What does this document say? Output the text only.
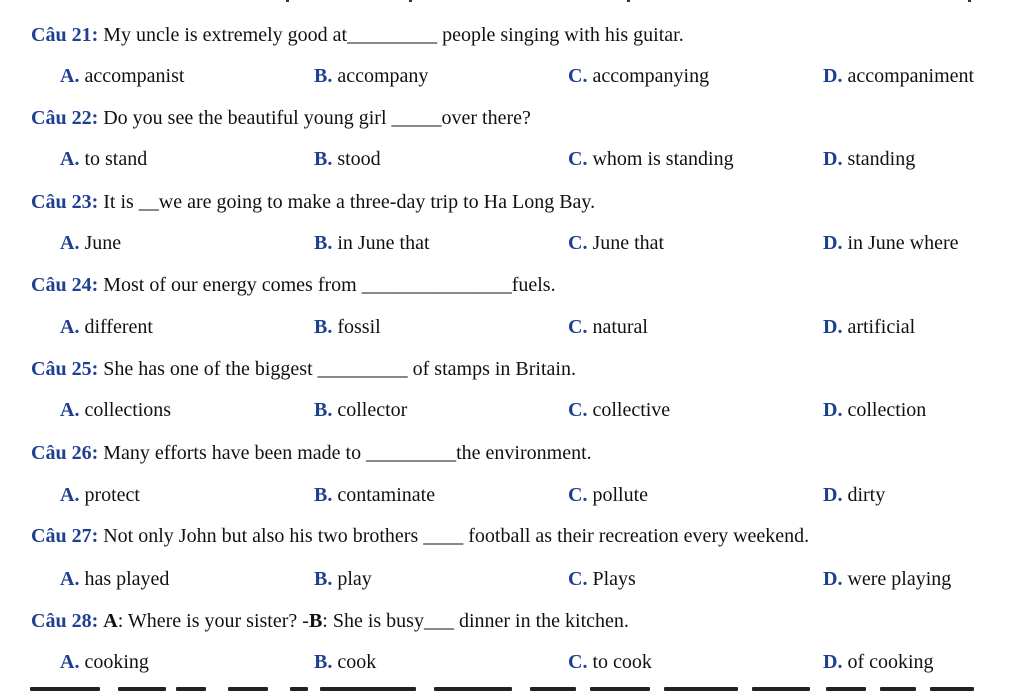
Câu 21: My uncle is extremely good at_________ people singing with his guitar.
A. accompanist	B. accompany	C. accompanying	D. accompaniment
Câu 22: Do you see the beautiful young girl _____over there?
A. to stand	B. stood	C. whom is standing	D. standing
Câu 23: It is __we are going to make a three-day trip to Ha Long Bay.
A. June	B. in June that	C. June that	D. in June where
Câu 24: Most of our energy comes from _______________fuels.
A. different	B. fossil	C. natural	D. artificial
Câu 25: She has one of the biggest _________ of stamps in Britain.
A. collections	B. collector	C. collective	D. collection
Câu 26: Many efforts have been made to _________the environment.
A. protect	B. contaminate	C. pollute	D. dirty
Câu 27: Not only John but also his two brothers ____ football as their recreation every weekend.
A. has played	B. play	C. Plays	D. were playing
Câu 28: A: Where is your sister? -B: She is busy___ dinner in the kitchen.
A. cooking	B. cook	C. to cook	D. of cooking
